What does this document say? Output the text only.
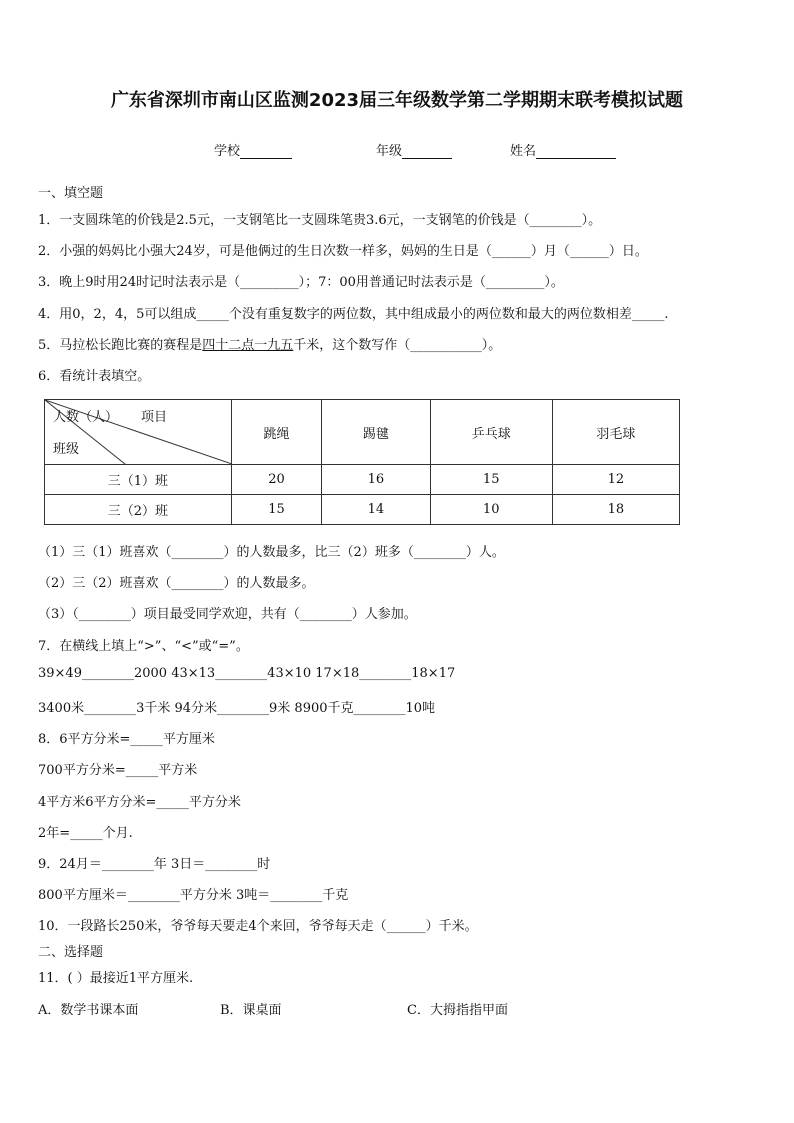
广东省深圳市南山区监测2023届三年级数学第二学期期末联考模拟试题
学校	年级	姓名
一、填空题
1．一支圆珠笔的价钱是2.5元，一支钢笔比一支圆珠笔贵3.6元，一支钢笔的价钱是（________）。
2．小强的妈妈比小强大24岁，可是他俩过的生日次数一样多，妈妈的生日是（______）月（______）日。
3．晚上9时用24时记时法表示是（_________）；7：00用普通记时法表示是（_________）。
4．用0，2，4，5可以组成_____个没有重复数字的两位数，其中组成最小的两位数和最大的两位数相差_____.
5．马拉松长跑比赛的赛程是四十二点一九五千米，这个数写作（___________）。
6．看统计表填空。
人数（人） 项目
班级	跳绳	踢毽	乒乓球	羽毛球
三（1）班	20	16	15	12
三（2）班	15	14	10	18
（1）三（1）班喜欢（________）的人数最多，比三（2）班多（________）人。
（2）三（2）班喜欢（________）的人数最多。
（3）（________）项目最受同学欢迎，共有（________）人参加。
7．在横线上填上“>”、“<”或“=”。
39×49________2000 43×13________43×10 17×18________18×17
3400米________3千米 94分米________9米 8900千克________10吨
8．6平方分米=_____平方厘米
700平方分米=_____平方米
4平方米6平方分米=_____平方分米
2年=_____个月.
9．24月＝________年 3日＝________时
800平方厘米＝________平方分米 3吨＝________千克
10．一段路长250米，爷爷每天要走4个来回，爷爷每天走（______）千米。
二、选择题
11．( ）最接近1平方厘米.
A．数学书课本面	B．课桌面	C．大拇指指甲面
